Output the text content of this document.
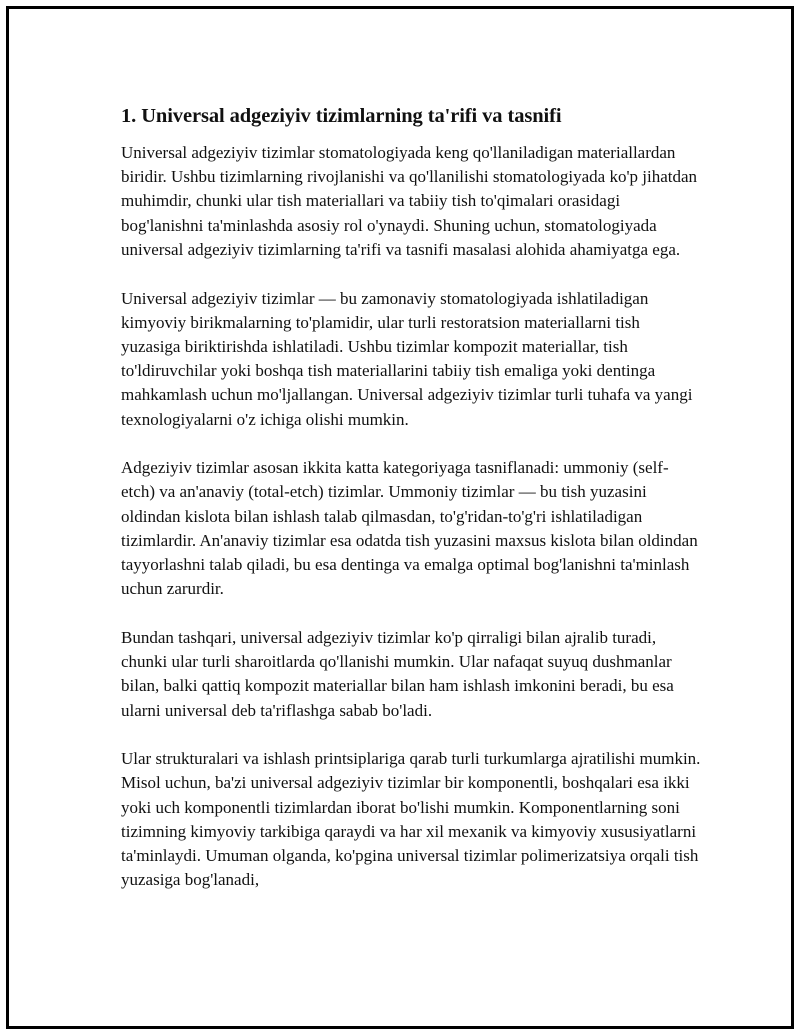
1. Universal adgeziyiv tizimlarning ta'rifi va tasnifi

Universal adgeziyiv tizimlar stomatologiyada keng qo'llaniladigan materiallardan biridir. Ushbu tizimlarning rivojlanishi va qo'llanilishi stomatologiyada ko'p jihatdan muhimdir, chunki ular tish materiallari va tabiiy tish to'qimalari orasidagi bog'lanishni ta'minlashda asosiy rol o'ynaydi. Shuning uchun, stomatologiyada universal adgeziyiv tizimlarning ta'rifi va tasnifi masalasi alohida ahamiyatga ega.

Universal adgeziyiv tizimlar — bu zamonaviy stomatologiyada ishlatiladigan kimyoviy birikmalarning to'plamidir, ular turli restoratsion materiallarni tish yuzasiga biriktirishda ishlatiladi. Ushbu tizimlar kompozit materiallar, tish to'ldiruvchilar yoki boshqa tish materiallarini tabiiy tish emaliga yoki dentinga mahkamlash uchun mo'ljallangan. Universal adgeziyiv tizimlar turli tuhafa va yangi texnologiyalarni o'z ichiga olishi mumkin.

Adgeziyiv tizimlar asosan ikkita katta kategoriyaga tasniflanadi: ummoniy (self-etch) va an'anaviy (total-etch) tizimlar. Ummoniy tizimlar — bu tish yuzasini oldindan kislota bilan ishlash talab qilmasdan, to'g'ridan-to'g'ri ishlatiladigan tizimlardir. An'anaviy tizimlar esa odatda tish yuzasini maxsus kislota bilan oldindan tayyorlashni talab qiladi, bu esa dentinga va emalga optimal bog'lanishni ta'minlash uchun zarurdir.

Bundan tashqari, universal adgeziyiv tizimlar ko'p qirraligi bilan ajralib turadi, chunki ular turli sharoitlarda qo'llanishi mumkin. Ular nafaqat suyuq dushmanlar bilan, balki qattiq kompozit materiallar bilan ham ishlash imkonini beradi, bu esa ularni universal deb ta'riflashga sabab bo'ladi.

Ular strukturalari va ishlash printsiplariga qarab turli turkumlarga ajratilishi mumkin. Misol uchun, ba'zi universal adgeziyiv tizimlar bir komponentli, boshqalari esa ikki yoki uch komponentli tizimlardan iborat bo'lishi mumkin. Komponentlarning soni tizimning kimyoviy tarkibiga qaraydi va har xil mexanik va kimyoviy xususiyatlarni ta'minlaydi. Umuman olganda, ko'pgina universal tizimlar polimerizatsiya orqali tish yuzasiga bog'lanadi,
